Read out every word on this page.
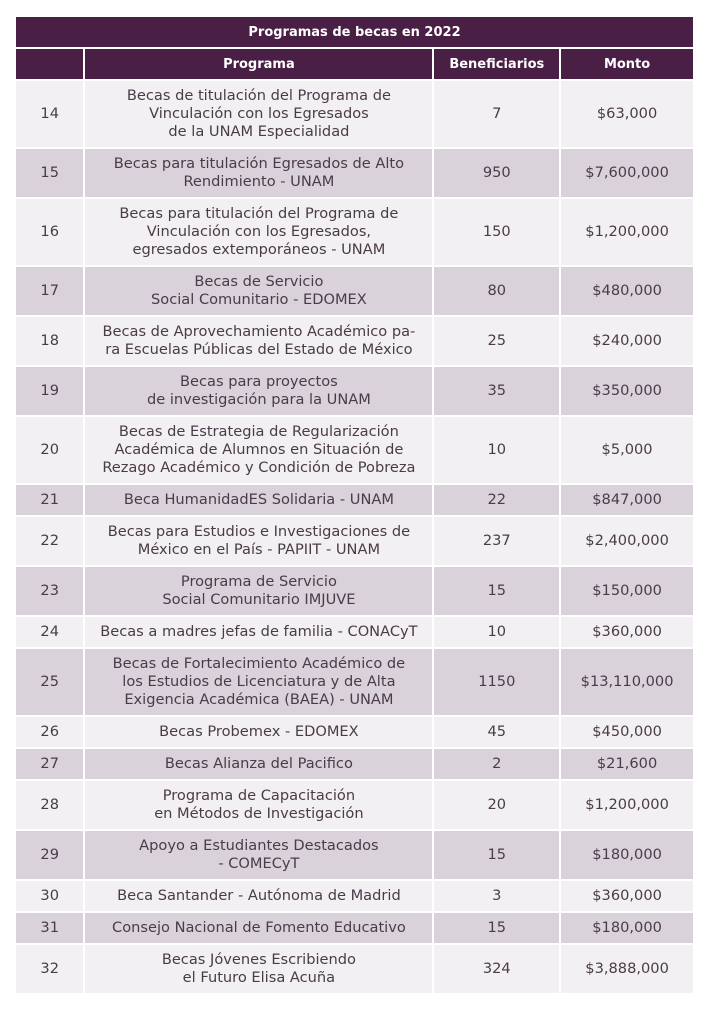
Programas de becas en 2022			
	Programa	Beneficiarios	Monto
14	Becas de titulación del Programa de
Vinculación con los Egresados
de la UNAM Especialidad	7	$63,000
15	Becas para titulación Egresados de Alto
Rendimiento - UNAM	950	$7,600,000
16	Becas para titulación del Programa de
Vinculación con los Egresados,
egresados extemporáneos - UNAM	150	$1,200,000
17	Becas de Servicio
Social Comunitario - EDOMEX	80	$480,000
18	Becas de Aprovechamiento Académico pa-
ra Escuelas Públicas del Estado de México	25	$240,000
19	Becas para proyectos
de investigación para la UNAM	35	$350,000
20	Becas de Estrategia de Regularización
Académica de Alumnos en Situación de
Rezago Académico y Condición de Pobreza	10	$5,000
21	Beca HumanidadES Solidaria - UNAM	22	$847,000
22	Becas para Estudios e Investigaciones de
México en el País - PAPIIT - UNAM	237	$2,400,000
23	Programa de Servicio
Social Comunitario IMJUVE	15	$150,000
24	Becas a madres jefas de familia - CONACyT	10	$360,000
25	Becas de Fortalecimiento Académico de
los Estudios de Licenciatura y de Alta
Exigencia Académica (BAEA) - UNAM	1150	$13,110,000
26	Becas Probemex - EDOMEX	45	$450,000
27	Becas Alianza del Pacifico	2	$21,600
28	Programa de Capacitación
en Métodos de Investigación	20	$1,200,000
29	Apoyo a Estudiantes Destacados
- COMECyT	15	$180,000
30	Beca Santander - Autónoma de Madrid	3	$360,000
31	Consejo Nacional de Fomento Educativo	15	$180,000
32	Becas Jóvenes Escribiendo
el Futuro Elisa Acuña	324	$3,888,000
